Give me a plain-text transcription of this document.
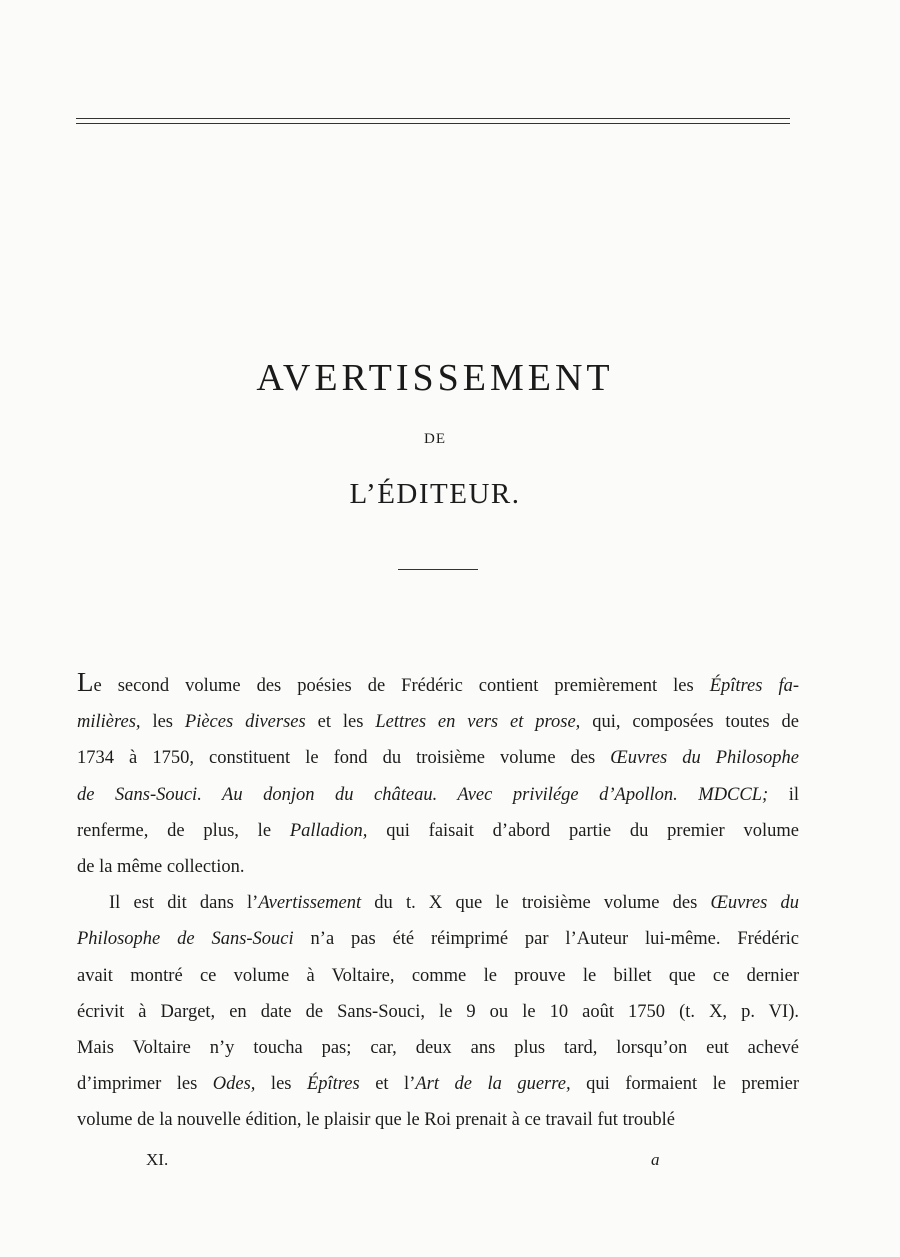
AVERTISSEMENT
DE
L’ÉDITEUR.

Le second volume des poésies de Frédéric contient premièrement les Épîtres fa-

milières, les Pièces diverses et les Lettres en vers et prose, qui, composées toutes de

1734 à 1750, constituent le fond du troisième volume des Œuvres du Philosophe

de Sans-Souci. Au donjon du château. Avec privilége d’Apollon. MDCCL; il

renferme, de plus, le Palladion, qui faisait d’abord partie du premier volume

de la même collection.

Il est dit dans l’Avertissement du t. X que le troisième volume des Œuvres du

Philosophe de Sans-Souci n’a pas été réimprimé par l’Auteur lui-même. Frédéric

avait montré ce volume à Voltaire, comme le prouve le billet que ce dernier

écrivit à Darget, en date de Sans-Souci, le 9 ou le 10 août 1750 (t. X, p. VI).

Mais Voltaire n’y toucha pas; car, deux ans plus tard, lorsqu’on eut achevé

d’imprimer les Odes, les Épîtres et l’Art de la guerre, qui formaient le premier

volume de la nouvelle édition, le plaisir que le Roi prenait à ce travail fut troublé

XI.	a
